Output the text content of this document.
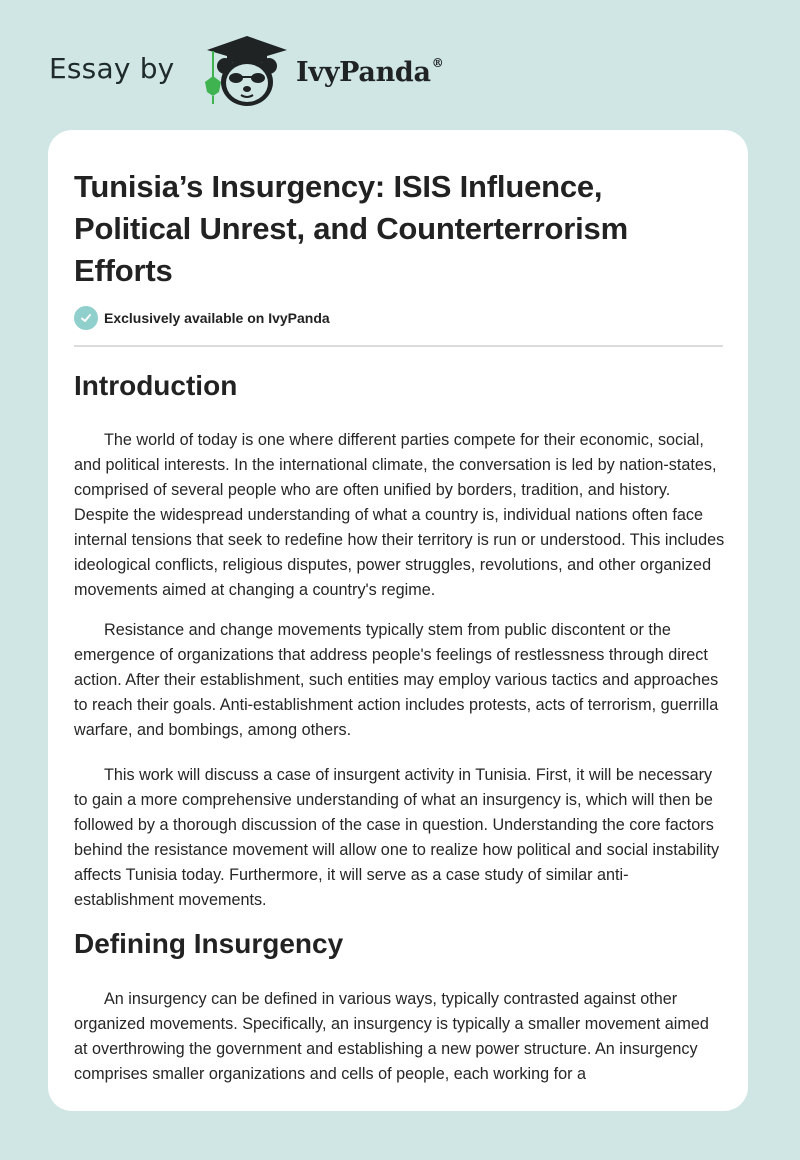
Essay by	IvyPanda®
Tunisia’s Insurgency: ISIS Influence, Political Unrest, and Counterterrorism Efforts
Exclusively available on IvyPanda
Introduction

The world of today is one where different parties compete for their economic, social, and political interests. In the international climate, the conversation is led by nation-states, comprised of several people who are often unified by borders, tradition, and history. Despite the widespread understanding of what a country is, individual nations often face internal tensions that seek to redefine how their territory is run or understood. This includes ideological conflicts, religious disputes, power struggles, revolutions, and other organized movements aimed at changing a country's regime.

Resistance and change movements typically stem from public discontent or the emergence of organizations that address people's feelings of restlessness through direct action. After their establishment, such entities may employ various tactics and approaches to reach their goals. Anti-establishment action includes protests, acts of terrorism, guerrilla warfare, and bombings, among others.

This work will discuss a case of insurgent activity in Tunisia. First, it will be necessary to gain a more comprehensive understanding of what an insurgency is, which will then be followed by a thorough discussion of the case in question. Understanding the core factors behind the resistance movement will allow one to realize how political and social instability affects Tunisia today. Furthermore, it will serve as a case study of similar anti-establishment movements.

Defining Insurgency

An insurgency can be defined in various ways, typically contrasted against other organized movements. Specifically, an insurgency is typically a smaller movement aimed at overthrowing the government and establishing a new power structure. An insurgency comprises smaller organizations and cells of people, each working for a
